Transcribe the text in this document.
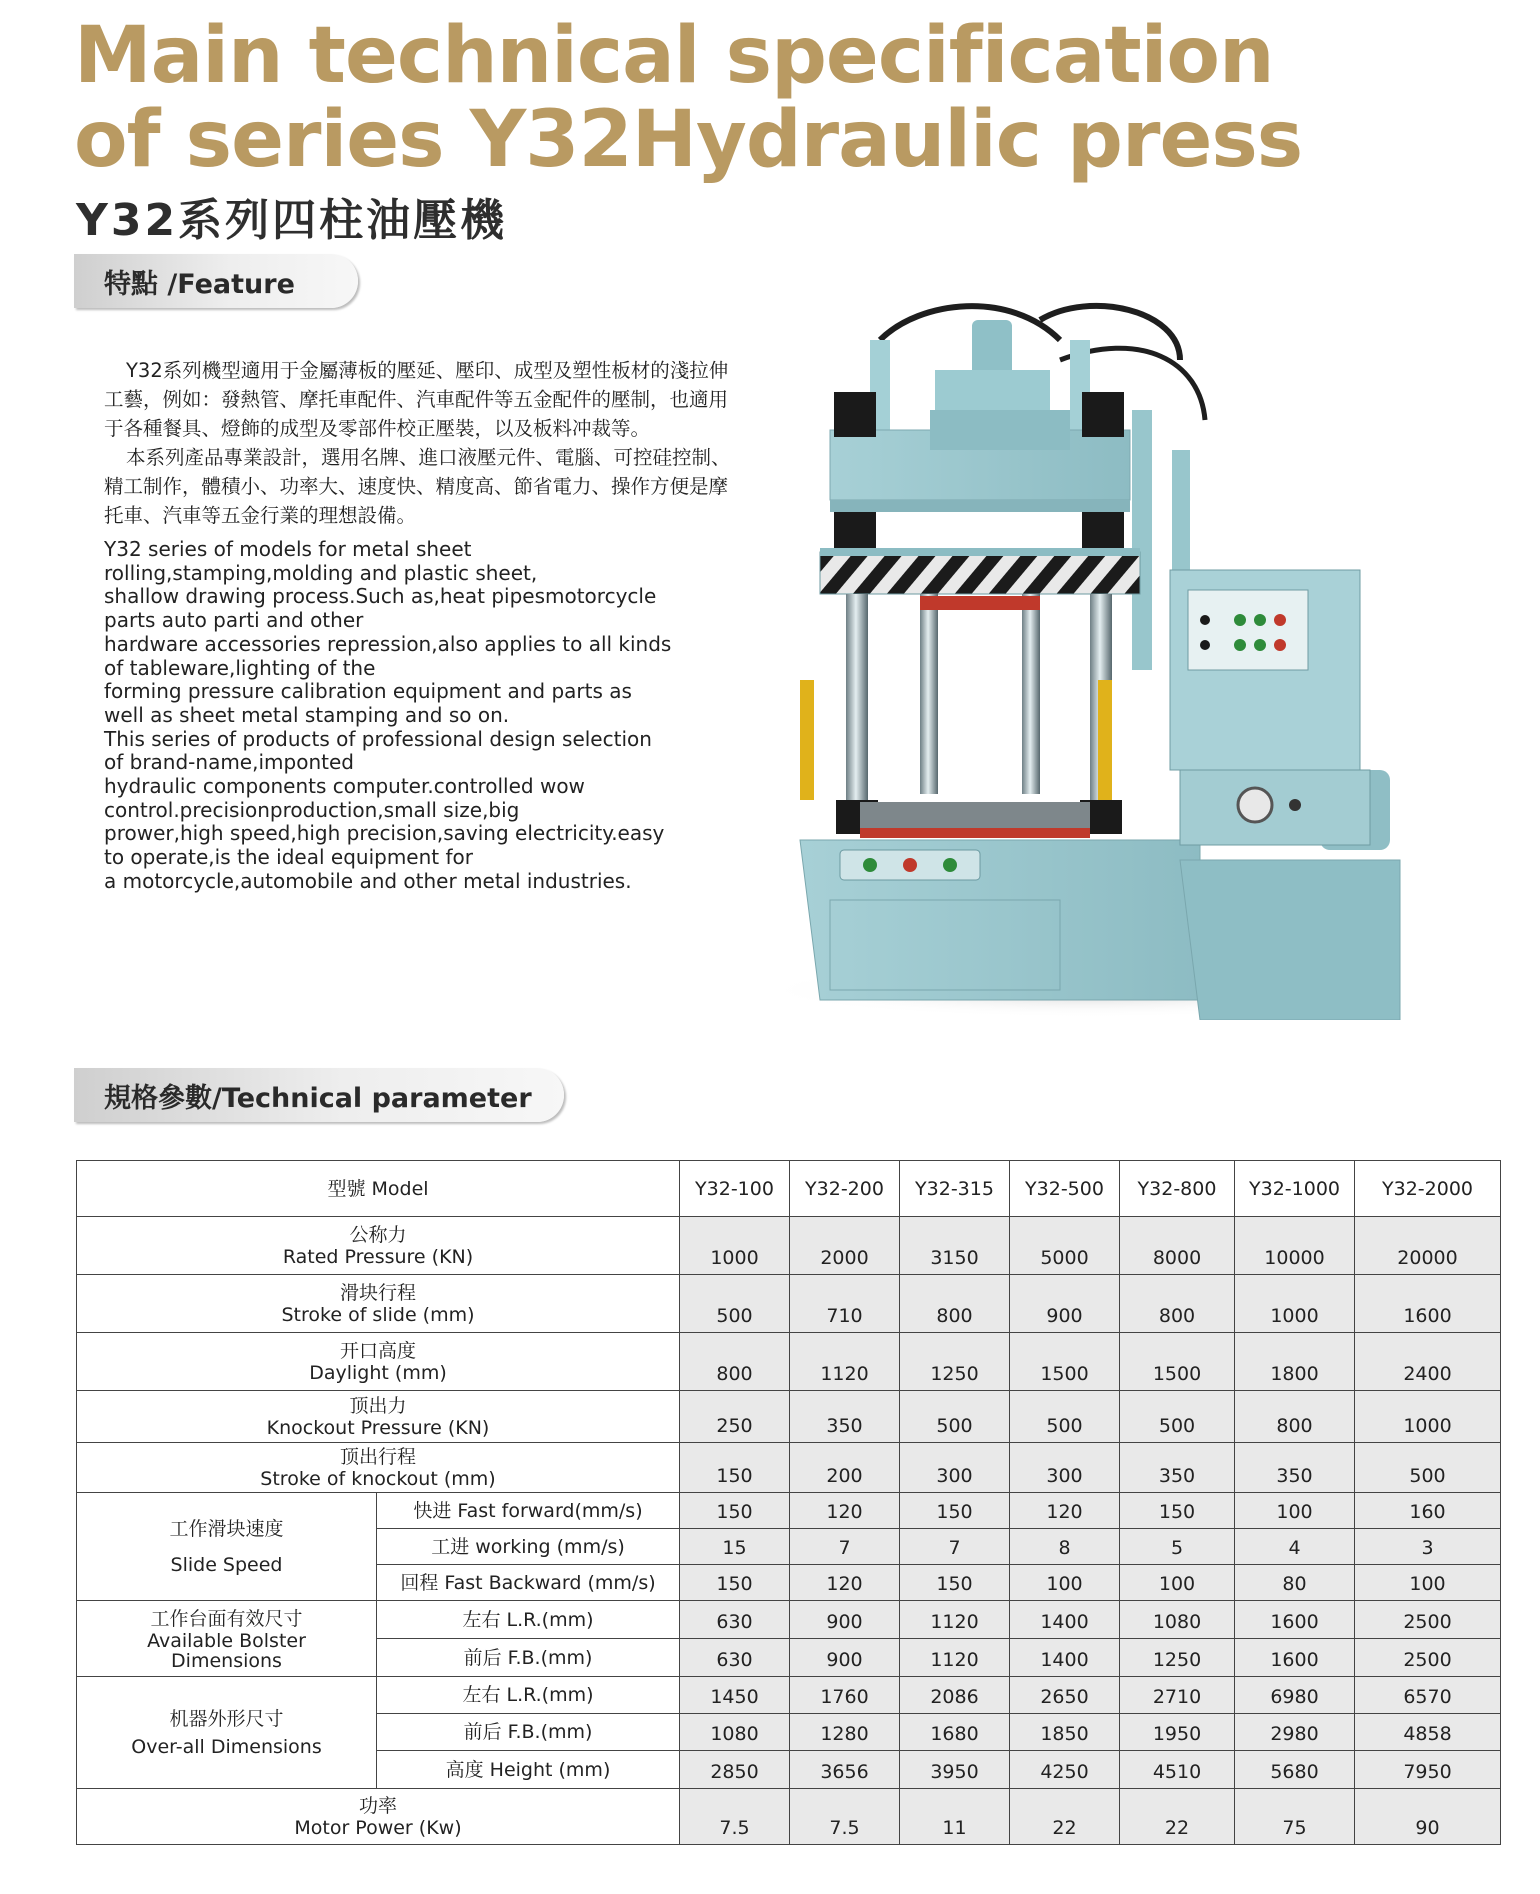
Main technical specification
of series Y32Hydraulic press
Y32系列四柱油壓機
特點 /Feature

Y32系列機型適用于金屬薄板的壓延、壓印、成型及塑性板材的淺拉伸工藝，例如：發熱管、摩托車配件、汽車配件等五金配件的壓制，也適用于各種餐具、燈飾的成型及零部件校正壓裝，以及板料冲裁等。

本系列產品專業設計，選用名牌、進口液壓元件、電腦、可控硅控制、精工制作，體積小、功率大、速度快、精度高、節省電力、操作方便是摩托車、汽車等五金行業的理想設備。

Y32 series of models for metal sheet
rolling,stamping,molding and plastic sheet,
shallow drawing process.Such as,heat pipesmotorcycle
parts auto parti and other
hardware accessories repression,also applies to all kinds
of tableware,lighting of the
forming pressure calibration equipment and parts as
well as sheet metal stamping and so on.
This series of products of professional design selection
of brand-name,imponted
hydraulic components computer.controlled wow
control.precisionproduction,small size,big
prower,high speed,high precision,saving electricity.easy
to operate,is the ideal equipment for
a motorcycle,automobile and other metal industries.
規格參數/Technical parameter
型號 Model		Y32-100	Y32-200	Y32-315	Y32-500	Y32-800	Y32-1000	Y32-2000

公称力
Rated Pressure (KN)		1000	2000	3150	5000	8000	10000	20000

滑块行程
Stroke of slide (mm)		500	710	800	900	800	1000	1600

开口高度
Daylight (mm)		800	1120	1250	1500	1500	1800	2400

顶出力
Knockout Pressure (KN)		250	350	500	500	500	800	1000

顶出行程
Stroke of knockout (mm)		150	200	300	300	350	350	500

工作滑块速度
Slide Speed	快进 Fast forward(mm/s)	150	120	150	120	150	100	160
	工进 working (mm/s)	15	7	7	8	5	4	3
	回程 Fast Backward (mm/s)	150	120	150	100	100	80	100

工作台面有效尺寸
Available Bolster
Dimensions	左右 L.R.(mm)	630	900	1120	1400	1080	1600	2500
	前后 F.B.(mm)	630	900	1120	1400	1250	1600	2500

机器外形尺寸
Over-all Dimensions	左右 L.R.(mm)	1450	1760	2086	2650	2710	6980	6570
	前后 F.B.(mm)	1080	1280	1680	1850	1950	2980	4858
	高度 Height (mm)	2850	3656	3950	4250	4510	5680	7950

功率
Motor Power (Kw)		7.5	7.5	11	22	22	75	90
